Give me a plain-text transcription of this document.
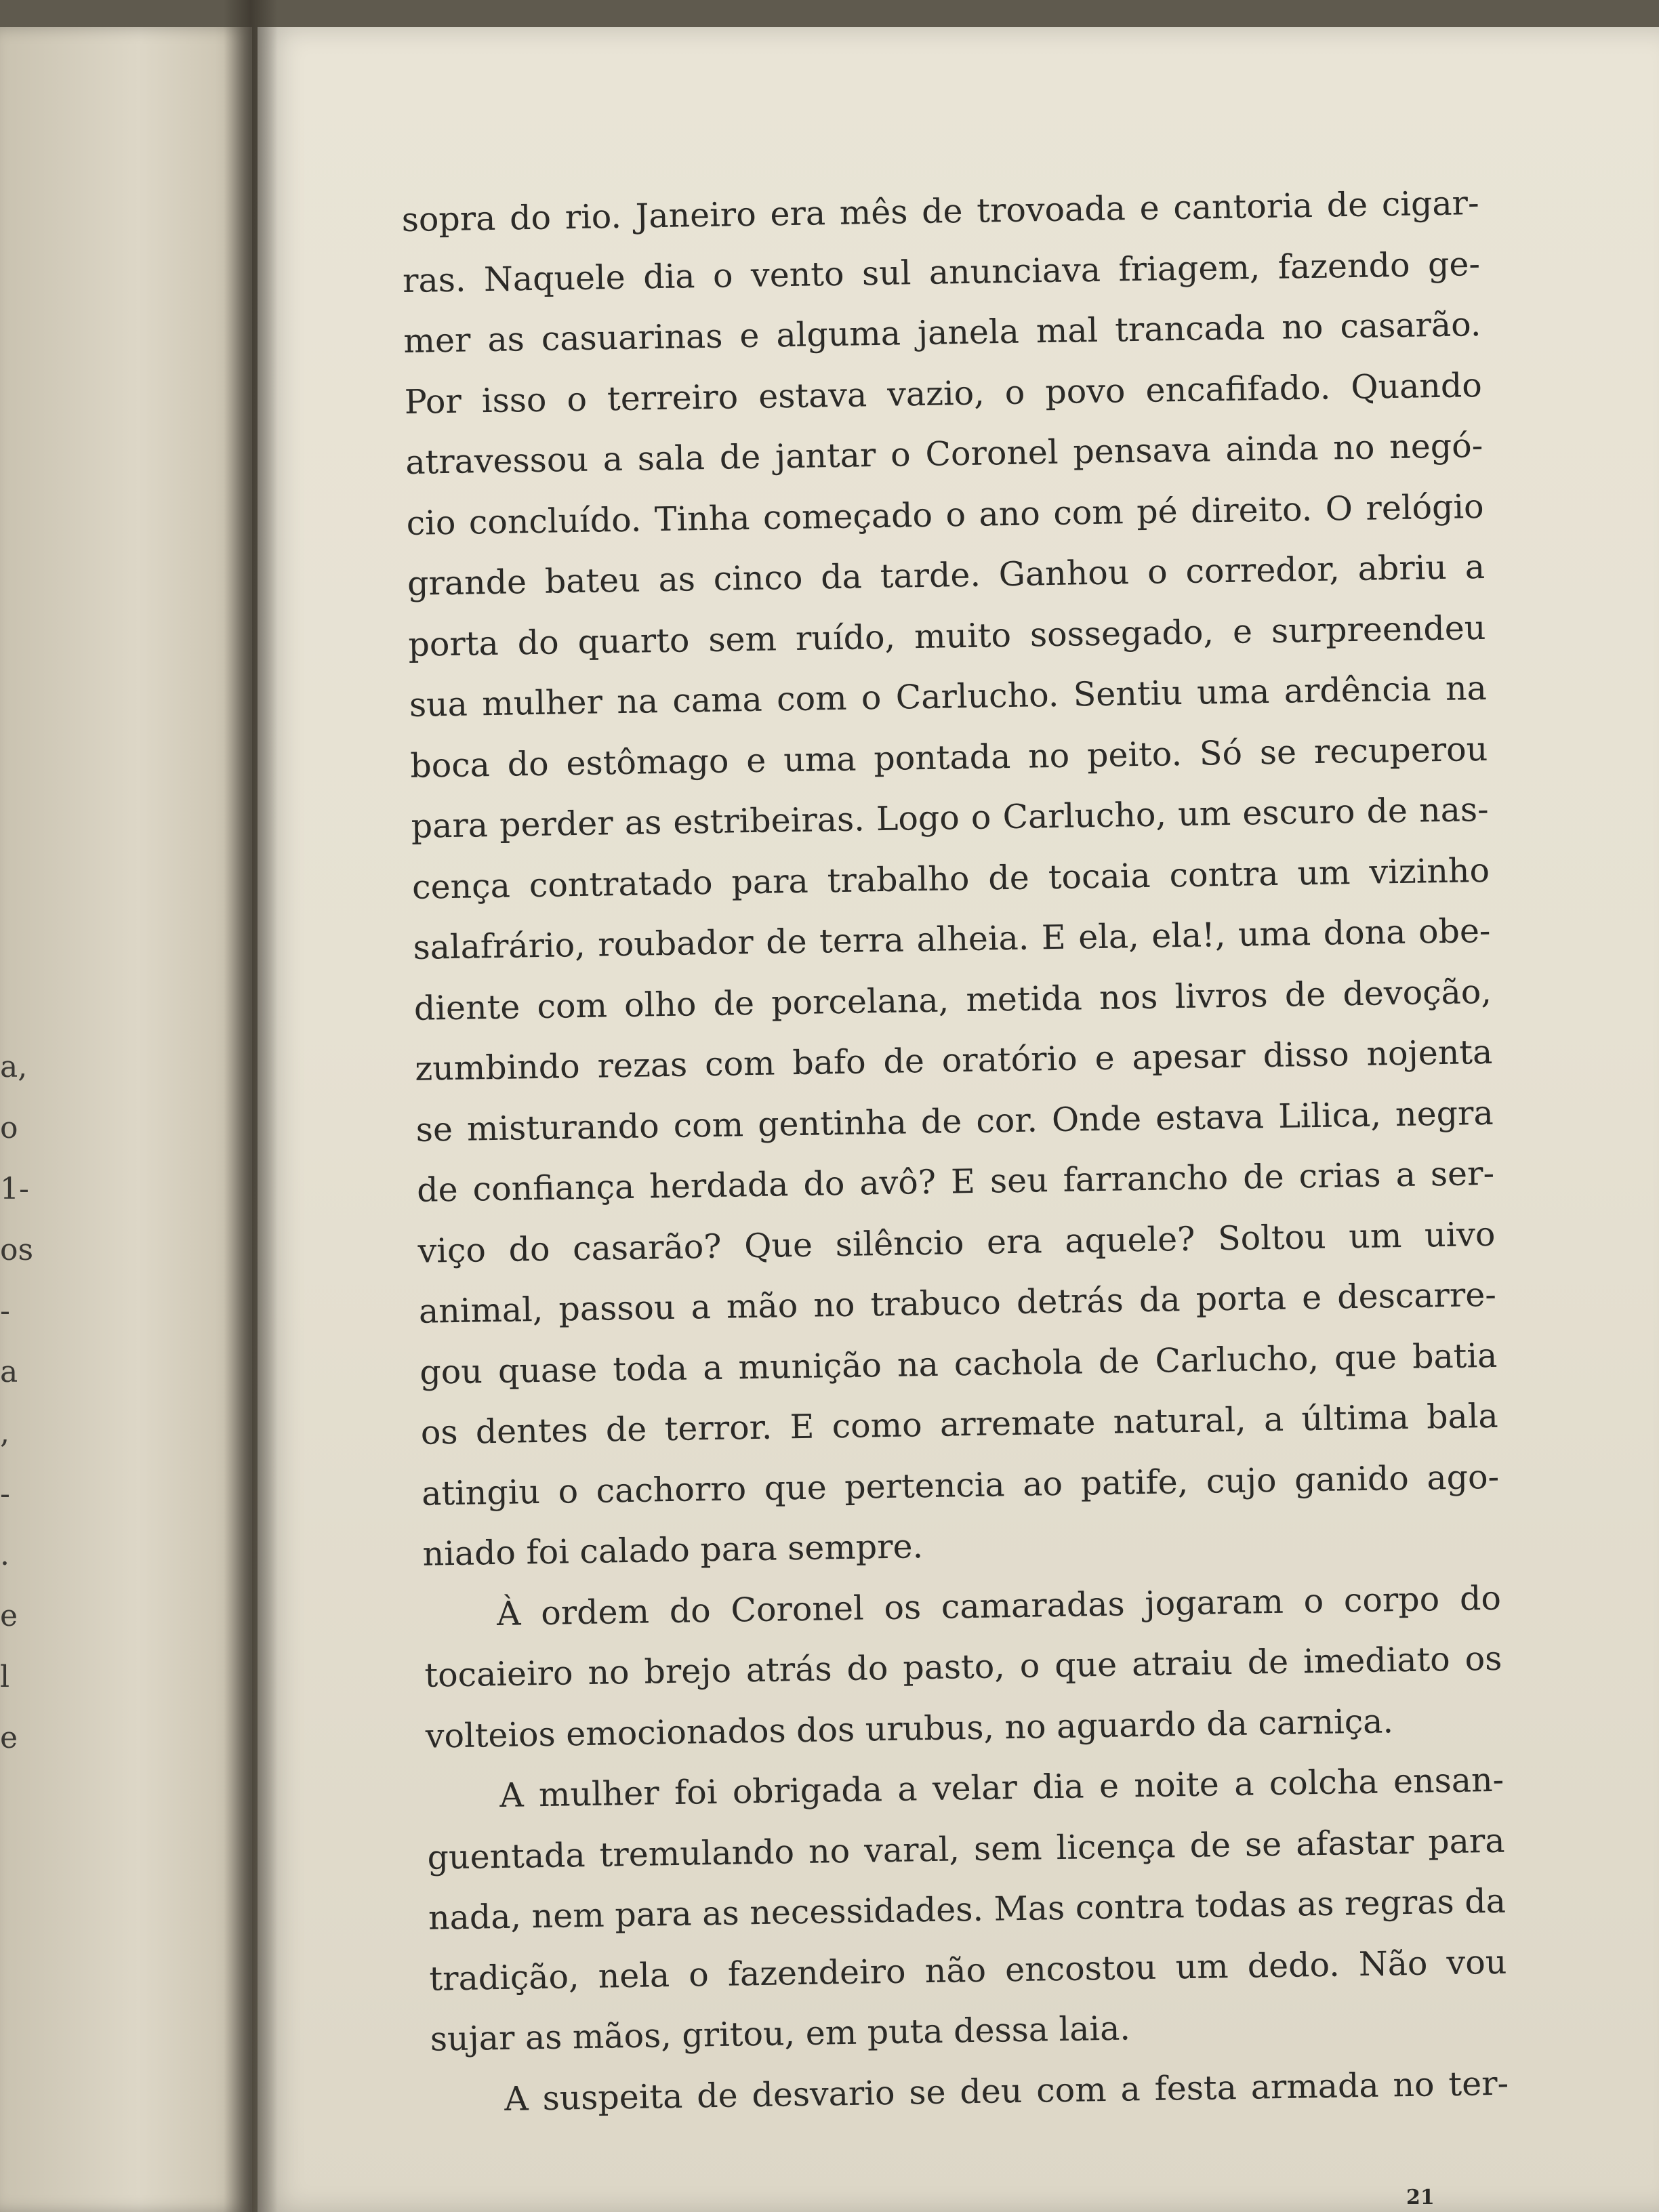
a,
o
1-
os
-
a
,
-
.
e
l
e
sopra do rio. Janeiro era mês de trovoada e cantoria de cigar-
ras. Naquele dia o vento sul anunciava friagem, fazendo ge-
mer as casuarinas e alguma janela mal trancada no casarão.
Por isso o terreiro estava vazio, o povo encafifado. Quando
atravessou a sala de jantar o Coronel pensava ainda no negó-
cio concluído. Tinha começado o ano com pé direito. O relógio
grande bateu as cinco da tarde. Ganhou o corredor, abriu a
porta do quarto sem ruído, muito sossegado, e surpreendeu
sua mulher na cama com o Carlucho. Sentiu uma ardência na
boca do estômago e uma pontada no peito. Só se recuperou
para perder as estribeiras. Logo o Carlucho, um escuro de nas-
cença contratado para trabalho de tocaia contra um vizinho
salafrário, roubador de terra alheia. E ela, ela!, uma dona obe-
diente com olho de porcelana, metida nos livros de devoção,
zumbindo rezas com bafo de oratório e apesar disso nojenta
se misturando com gentinha de cor. Onde estava Lilica, negra
de confiança herdada do avô? E seu farrancho de crias a ser-
viço do casarão? Que silêncio era aquele? Soltou um uivo
animal, passou a mão no trabuco detrás da porta e descarre-
gou quase toda a munição na cachola de Carlucho, que batia
os dentes de terror. E como arremate natural, a última bala
atingiu o cachorro que pertencia ao patife, cujo ganido ago-
niado foi calado para sempre.
À ordem do Coronel os camaradas jogaram o corpo do
tocaieiro no brejo atrás do pasto, o que atraiu de imediato os
volteios emocionados dos urubus, no aguardo da carniça.
A mulher foi obrigada a velar dia e noite a colcha ensan-
guentada tremulando no varal, sem licença de se afastar para
nada, nem para as necessidades. Mas contra todas as regras da
tradição, nela o fazendeiro não encostou um dedo. Não vou
sujar as mãos, gritou, em puta dessa laia.
A suspeita de desvario se deu com a festa armada no ter-
21
